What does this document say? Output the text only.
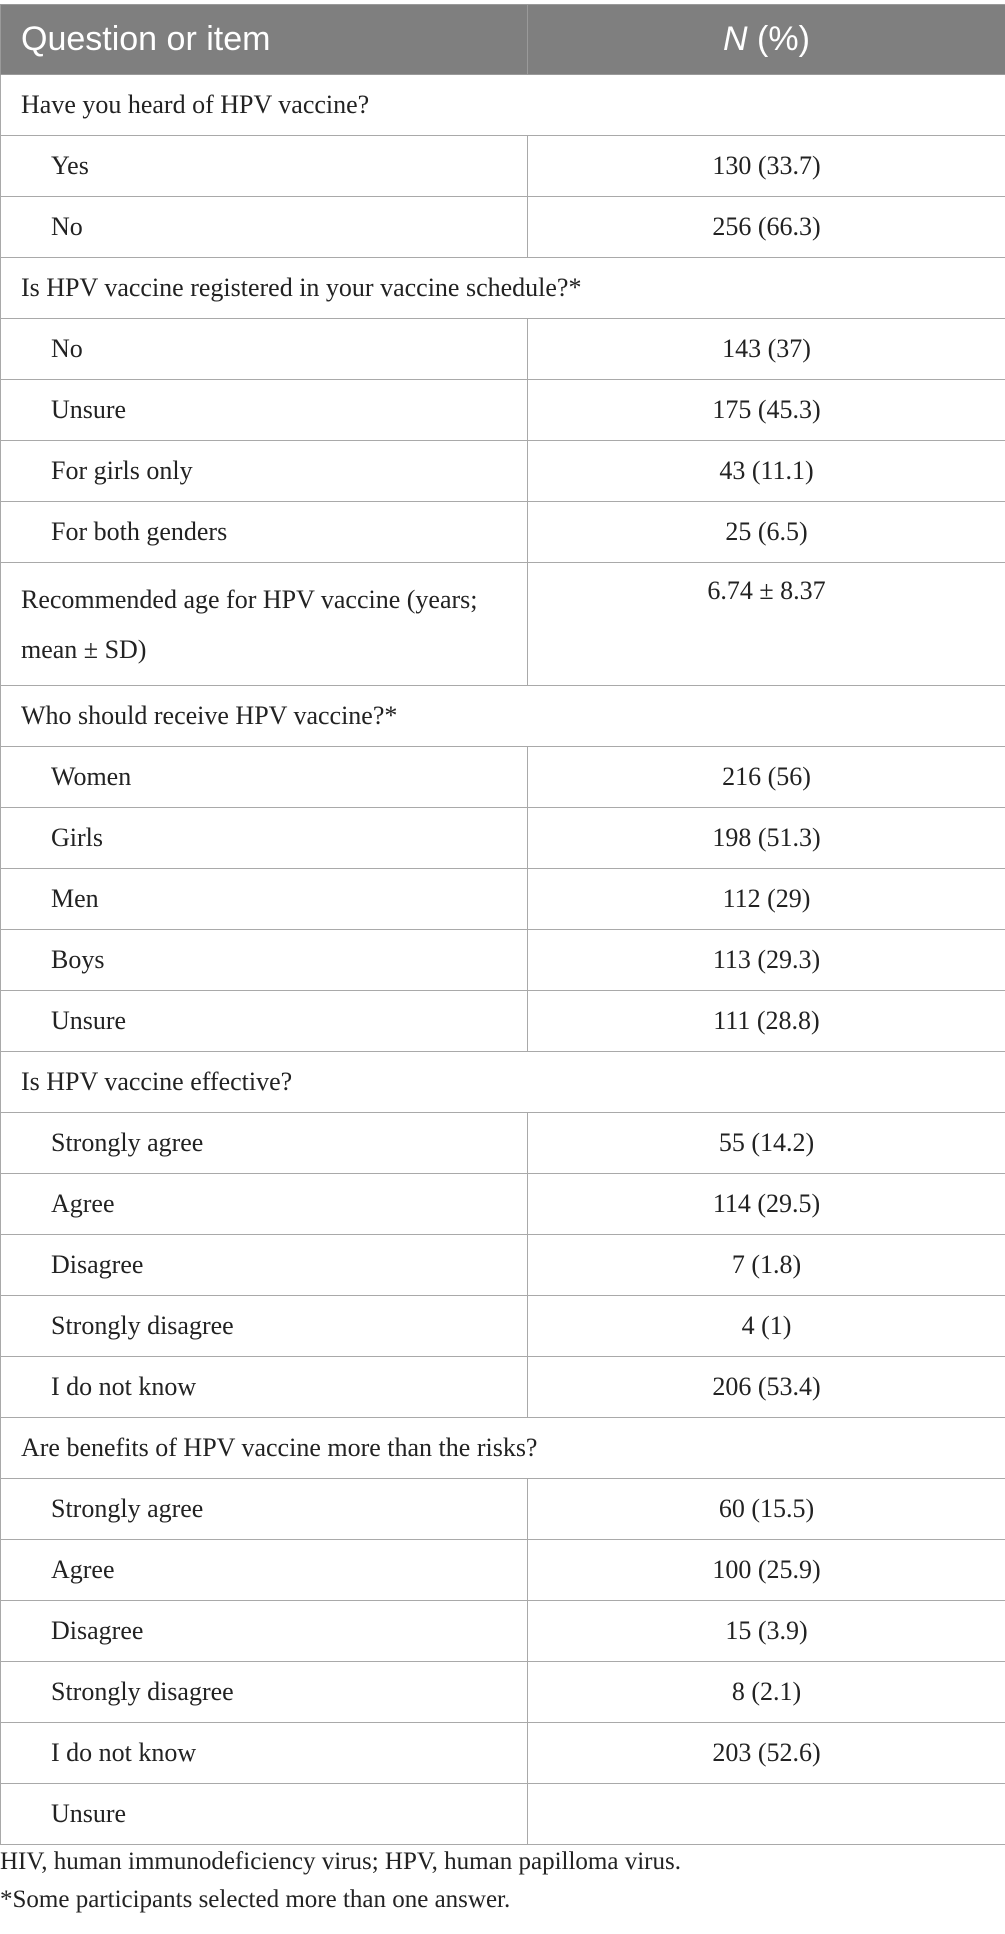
Question or item	N (%)
Have you heard of HPV vaccine?	
Yes	130 (33.7)
No	256 (66.3)
Is HPV vaccine registered in your vaccine schedule?*	
No	143 (37)
Unsure	175 (45.3)
For girls only	43 (11.1)
For both genders	25 (6.5)
Recommended age for HPV vaccine (years; mean ± SD)	6.74 ± 8.37
Who should receive HPV vaccine?*	
Women	216 (56)
Girls	198 (51.3)
Men	112 (29)
Boys	113 (29.3)
Unsure	111 (28.8)
Is HPV vaccine effective?	
Strongly agree	55 (14.2)
Agree	114 (29.5)
Disagree	7 (1.8)
Strongly disagree	4 (1)
I do not know	206 (53.4)
Are benefits of HPV vaccine more than the risks?	
Strongly agree	60 (15.5)
Agree	100 (25.9)
Disagree	15 (3.9)
Strongly disagree	8 (2.1)
I do not know	203 (52.6)
Unsure	
HIV, human immunodeficiency virus; HPV, human papilloma virus.
*Some participants selected more than one answer.
